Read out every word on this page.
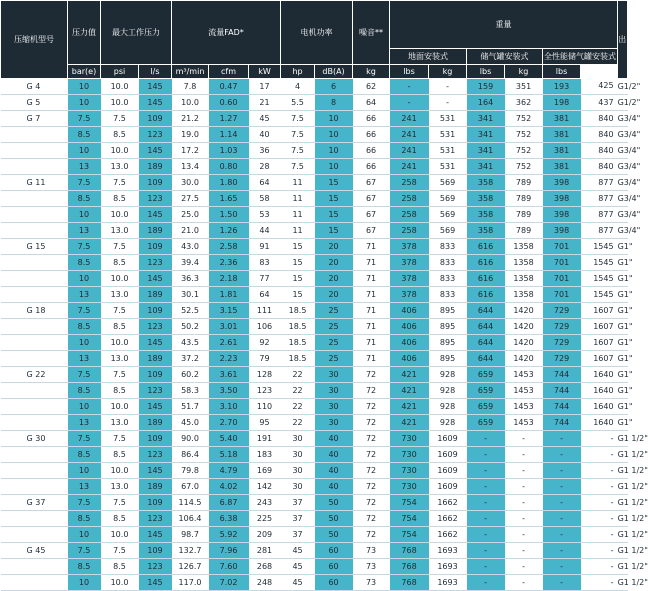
压缩机型号	压力值	最大工作压力		流量FAD*			电机功率		噪音**	重量						出口尺寸
										地面安装式		储气罐安装式		全性能储气罐安装式		
	bar(e)	psi	l/s	m³/min	cfm	kW	hp	dB(A)	kg	lbs	kg	lbs	kg	lbs		
G 4	10	10.0	145	7.8	0.47	17	4	6	62	-	-	159	351	193	425	G1/2"
G 5	10	10.0	145	10.0	0.60	21	5.5	8	64	-	-	164	362	198	437	G1/2"
G 7	7.5	7.5	109	21.2	1.27	45	7.5	10	66	241	531	341	752	381	840	G3/4"
	8.5	8.5	123	19.0	1.14	40	7.5	10	66	241	531	341	752	381	840	G3/4"
	10	10.0	145	17.2	1.03	36	7.5	10	66	241	531	341	752	381	840	G3/4"
	13	13.0	189	13.4	0.80	28	7.5	10	66	241	531	341	752	381	840	G3/4"
G 11	7.5	7.5	109	30.0	1.80	64	11	15	67	258	569	358	789	398	877	G3/4"
	8.5	8.5	123	27.5	1.65	58	11	15	67	258	569	358	789	398	877	G3/4"
	10	10.0	145	25.0	1.50	53	11	15	67	258	569	358	789	398	877	G3/4"
	13	13.0	189	21.0	1.26	44	11	15	67	258	569	358	789	398	877	G3/4"
G 15	7.5	7.5	109	43.0	2.58	91	15	20	71	378	833	616	1358	701	1545	G1"
	8.5	8.5	123	39.4	2.36	83	15	20	71	378	833	616	1358	701	1545	G1"
	10	10.0	145	36.3	2.18	77	15	20	71	378	833	616	1358	701	1545	G1"
	13	13.0	189	30.1	1.81	64	15	20	71	378	833	616	1358	701	1545	G1"
G 18	7.5	7.5	109	52.5	3.15	111	18.5	25	71	406	895	644	1420	729	1607	G1"
	8.5	8.5	123	50.2	3.01	106	18.5	25	71	406	895	644	1420	729	1607	G1"
	10	10.0	145	43.5	2.61	92	18.5	25	71	406	895	644	1420	729	1607	G1"
	13	13.0	189	37.2	2.23	79	18.5	25	71	406	895	644	1420	729	1607	G1"
G 22	7.5	7.5	109	60.2	3.61	128	22	30	72	421	928	659	1453	744	1640	G1"
	8.5	8.5	123	58.3	3.50	123	22	30	72	421	928	659	1453	744	1640	G1"
	10	10.0	145	51.7	3.10	110	22	30	72	421	928	659	1453	744	1640	G1"
	13	13.0	189	45.0	2.70	95	22	30	72	421	928	659	1453	744	1640	G1"
G 30	7.5	7.5	109	90.0	5.40	191	30	40	72	730	1609	-	-	-	-	G1 1/2"
	8.5	8.5	123	86.4	5.18	183	30	40	72	730	1609	-	-	-	-	G1 1/2"
	10	10.0	145	79.8	4.79	169	30	40	72	730	1609	-	-	-	-	G1 1/2"
	13	13.0	189	67.0	4.02	142	30	40	72	730	1609	-	-	-	-	G1 1/2"
G 37	7.5	7.5	109	114.5	6.87	243	37	50	72	754	1662	-	-	-	-	G1 1/2"
	8.5	8.5	123	106.4	6.38	225	37	50	72	754	1662	-	-	-	-	G1 1/2"
	10	10.0	145	98.7	5.92	209	37	50	72	754	1662	-	-	-	-	G1 1/2"
G 45	7.5	7.5	109	132.7	7.96	281	45	60	73	768	1693	-	-	-	-	G1 1/2"
	8.5	8.5	123	126.7	7.60	268	45	60	73	768	1693	-	-	-	-	G1 1/2"
	10	10.0	145	117.0	7.02	248	45	60	73	768	1693	-	-	-	-	G1 1/2"
